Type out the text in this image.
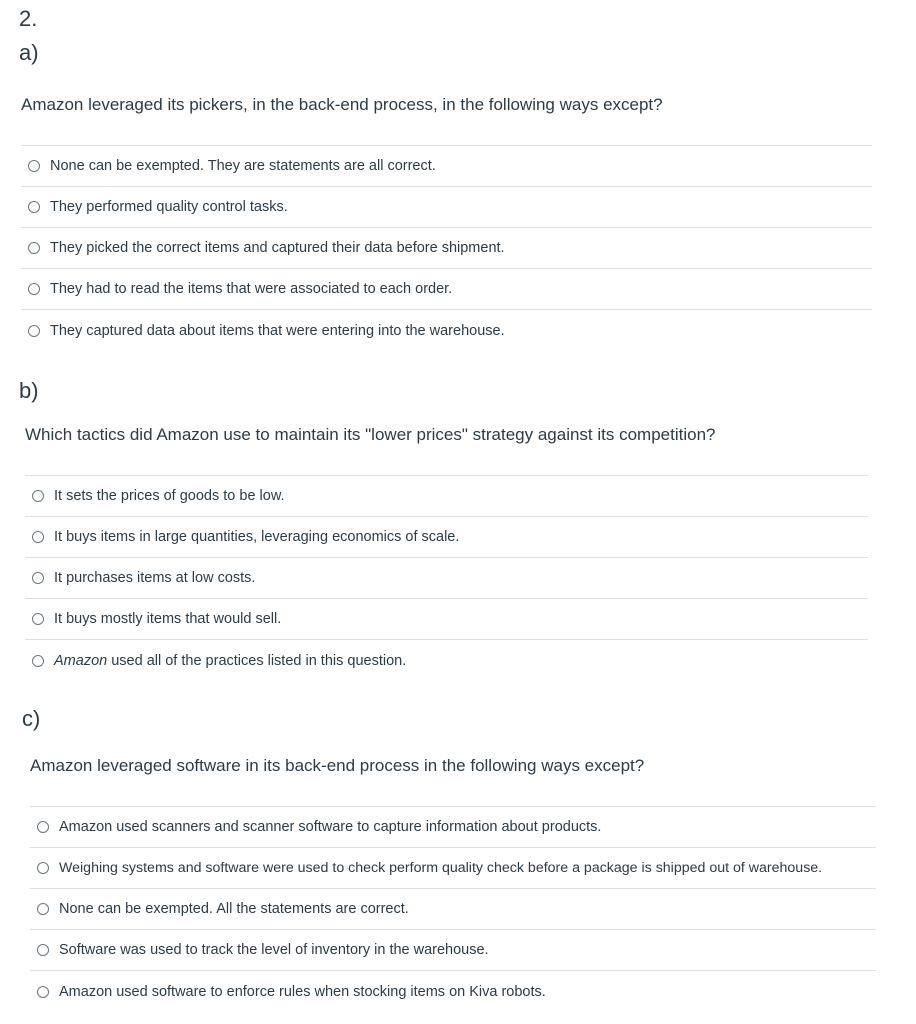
2.
a)
Amazon leveraged its pickers, in the back-end process, in the following ways except?
None can be exempted. They are statements are all correct.
They performed quality control tasks.
They picked the correct items and captured their data before shipment.
They had to read the items that were associated to each order.
They captured data about items that were entering into the warehouse.
b)
Which tactics did Amazon use to maintain its "lower prices" strategy against its competition?
It sets the prices of goods to be low.
It buys items in large quantities, leveraging economics of scale.
It purchases items at low costs.
It buys mostly items that would sell.
Amazon used all of the practices listed in this question.
c)
Amazon leveraged software in its back-end process in the following ways except?
Amazon used scanners and scanner software to capture information about products.
Weighing systems and software were used to check perform quality check before a package is shipped out of warehouse.
None can be exempted. All the statements are correct.
Software was used to track the level of inventory in the warehouse.
Amazon used software to enforce rules when stocking items on Kiva robots.
